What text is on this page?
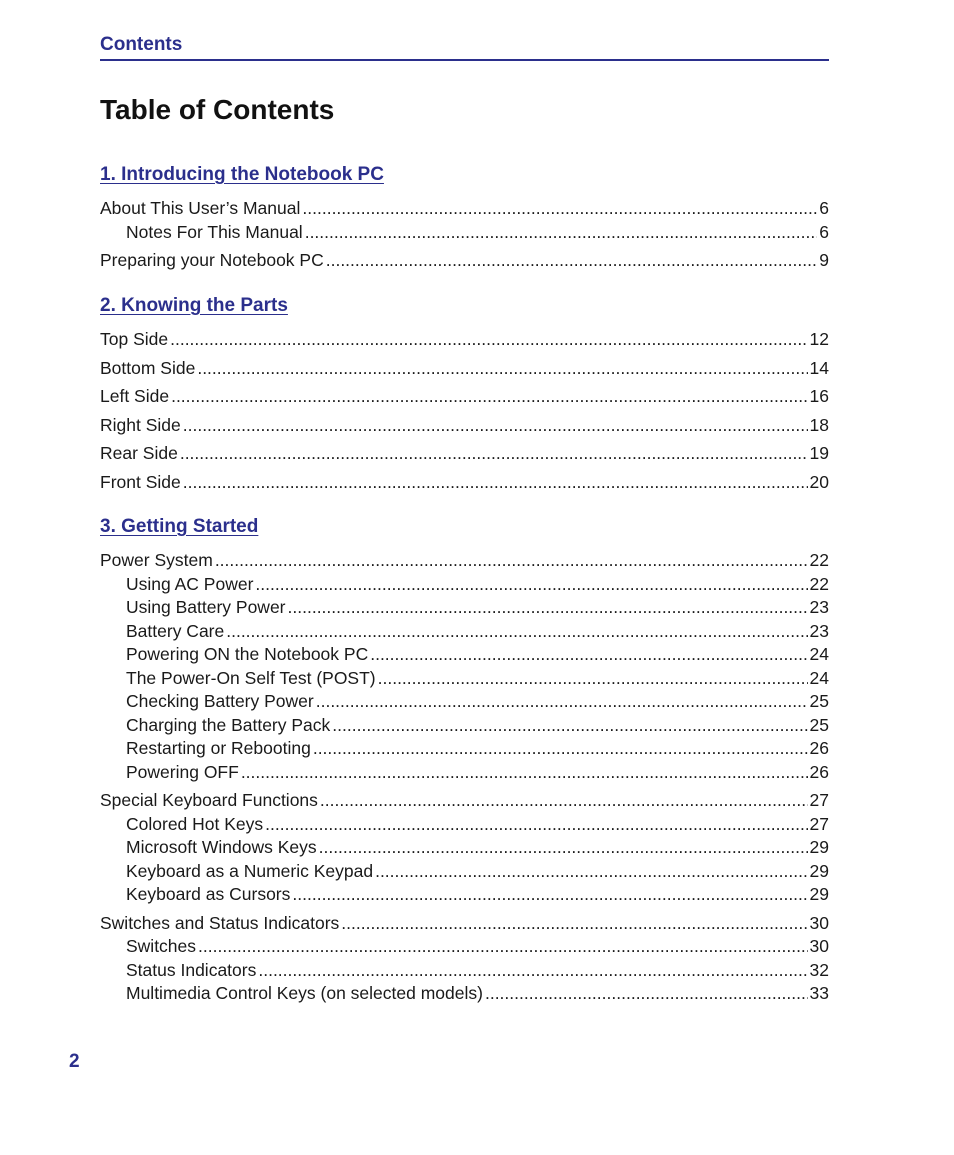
Contents
Table of Contents
1. Introducing the Notebook PC
About This User’s Manual .....	6
Notes For This Manual .....	6
Preparing your Notebook PC .....	9
2. Knowing the Parts
Top Side .....	12
Bottom Side .....	14
Left Side .....	16
Right Side .....	18
Rear Side .....	19
Front Side .....	20
3. Getting Started
Power System .....	22
Using AC Power .....	22
Using Battery Power .....	23
Battery Care .....	23
Powering ON the Notebook PC .....	24
The Power-On Self Test (POST) .....	24
Checking Battery Power .....	25
Charging the Battery Pack .....	25
Restarting or Rebooting .....	26
Powering OFF .....	26
Special Keyboard Functions .....	27
Colored Hot Keys .....	27
Microsoft Windows Keys .....	29
Keyboard as a Numeric Keypad .....	29
Keyboard as Cursors .....	29
Switches and Status Indicators .....	30
Switches .....	30
Status Indicators .....	32
Multimedia Control Keys (on selected models) .....	33
2
